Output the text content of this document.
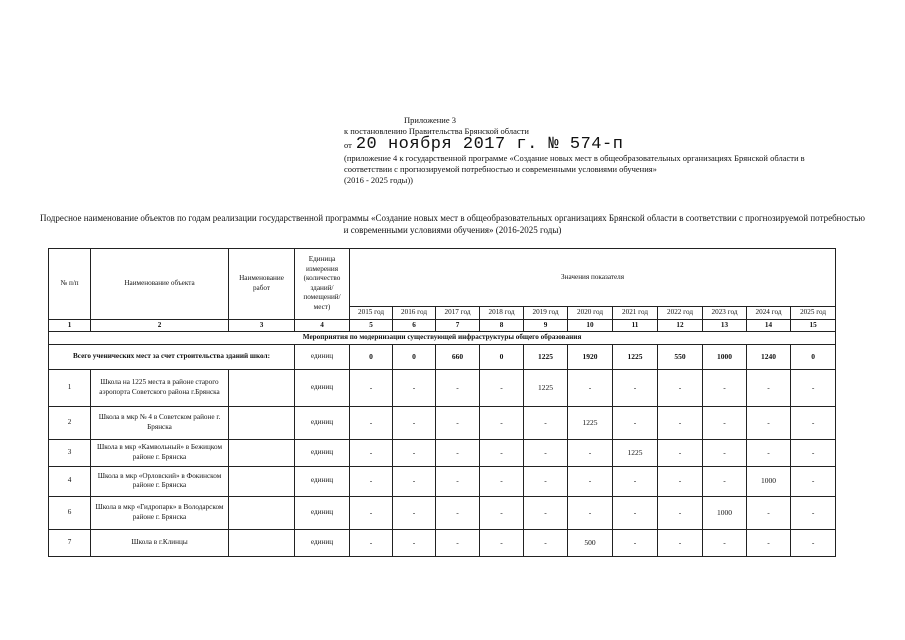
Приложение 3
к постановлению Правительства Брянской области
от 20 ноября 2017 г. № 574-п
(приложение 4 к государственной программе «Создание новых мест в общеобразовательных организациях Брянской области в соответствии с прогнозируемой потребностью и современными условиями обучения»
(2016 - 2025 годы))
Подресное наименование объектов по годам реализации государственной программы «Создание новых мест в общеобразовательных организациях Брянской области в соответствии с прогнозируемой потребностью и современными условиями обучения» (2016-2025 годы)
№ п/п	Наименование объекта	Наименование работ	Единица измерения (количество зданий/помещений/мест)	Значения показателя										
				2015 год	2016 год	2017 год	2018 год	2019 год	2020 год	2021 год	2022 год	2023 год	2024 год	2025 год
1	2	3	4	5	6	7	8	9	10	11	12	13	14	15
Мероприятия по модернизации существующей инфраструктуры общего образования														
Всего ученических мест за счет строительства зданий школ:			единиц	0	0	660	0	1225	1920	1225	550	1000	1240	0
1	Школа на 1225 места в районе старого аэропорта Советского района г.Брянска		единиц	-	-	-	-	1225	-	-	-	-	-	-
2	Школа в мкр № 4 в Советском районе г. Брянска		единиц	-	-	-	-	-	1225	-	-	-	-	-
3	Школа в мкр «Камвольный» в Бежицком районе г. Брянска		единиц	-	-	-	-	-	-	1225	-	-	-	-
4	Школа в мкр «Орловский» в Фокинском районе г. Брянска		единиц	-	-	-	-	-	-	-	-	-	1000	-
6	Школа в мкр «Гидропарк» в Володарском районе г. Брянска		единиц	-	-	-	-	-	-	-	-	1000	-	-
7	Школа в г.Клинцы		единиц	-	-	-	-	-	500	-	-	-	-	-
